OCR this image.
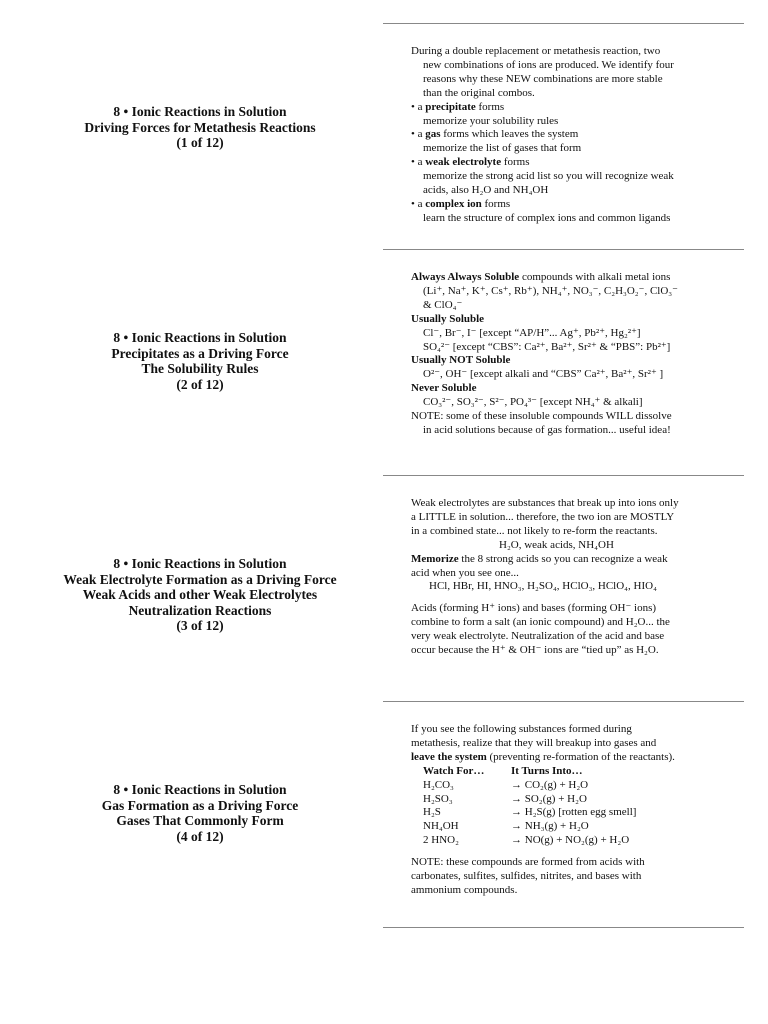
8 • Ionic Reactions in Solution
Driving Forces for Metathesis Reactions
(1 of 12)
During a double replacement or metathesis reaction, two
new combinations of ions are produced. We identify four
reasons why these NEW combinations are more stable
than the original combos.
• a precipitate forms
memorize your solubility rules
• a gas forms which leaves the system
memorize the list of gases that form
• a weak electrolyte forms
memorize the strong acid list so you will recognize weak
acids, also H₂O and NH₄OH
• a complex ion forms
learn the structure of complex ions and common ligands
8 • Ionic Reactions in Solution
Precipitates as a Driving Force
The Solubility Rules
(2 of 12)
Always Always Soluble compounds with alkali metal ions
(Li⁺, Na⁺, K⁺, Cs⁺, Rb⁺), NH₄⁺, NO₃⁻, C₂H₃O₂⁻, ClO₃⁻
& ClO₄⁻
Usually Soluble
Cl⁻, Br⁻, I⁻ [except “AP/H”... Ag⁺, Pb²⁺, Hg₂²⁺]
SO₄²⁻ [except “CBS”: Ca²⁺, Ba²⁺, Sr²⁺ & “PBS”: Pb²⁺]
Usually NOT Soluble
O²⁻, OH⁻ [except alkali and “CBS” Ca²⁺, Ba²⁺, Sr²⁺ ]
Never Soluble
CO₃²⁻, SO₃²⁻, S²⁻, PO₄³⁻ [except NH₄⁺ & alkali]
NOTE: some of these insoluble compounds WILL dissolve
in acid solutions because of gas formation... useful idea!
8 • Ionic Reactions in Solution
Weak Electrolyte Formation as a Driving Force
Weak Acids and other Weak Electrolytes
Neutralization Reactions
(3 of 12)
Weak electrolytes are substances that break up into ions only
a LITTLE in solution... therefore, the two ion are MOSTLY
in a combined state... not likely to re-form the reactants.
H₂O, weak acids, NH₄OH
Memorize the 8 strong acids so you can recognize a weak
acid when you see one...
HCl, HBr, HI, HNO₃, H₂SO₄, HClO₃, HClO₄, HIO₄
Acids (forming H⁺ ions) and bases (forming OH⁻ ions)
combine to form a salt (an ionic compound) and H₂O... the
very weak electrolyte. Neutralization of the acid and base
occur because the H⁺ & OH⁻ ions are “tied up” as H₂O.
8 • Ionic Reactions in Solution
Gas Formation as a Driving Force
Gases That Commonly Form
(4 of 12)
If you see the following substances formed during
metathesis, realize that they will breakup into gases and
leave the system (preventing re-formation of the reactants).
Watch For…	It Turns Into…
H₂CO₃	→ CO₂(g) + H₂O
H₂SO₃	→ SO₂(g) + H₂O
H₂S	→ H₂S(g) [rotten egg smell]
NH₄OH	→ NH₃(g) + H₂O
2 HNO₂	→ NO(g) + NO₂(g) + H₂O
NOTE: these compounds are formed from acids with
carbonates, sulfites, sulfides, nitrites, and bases with
ammonium compounds.
